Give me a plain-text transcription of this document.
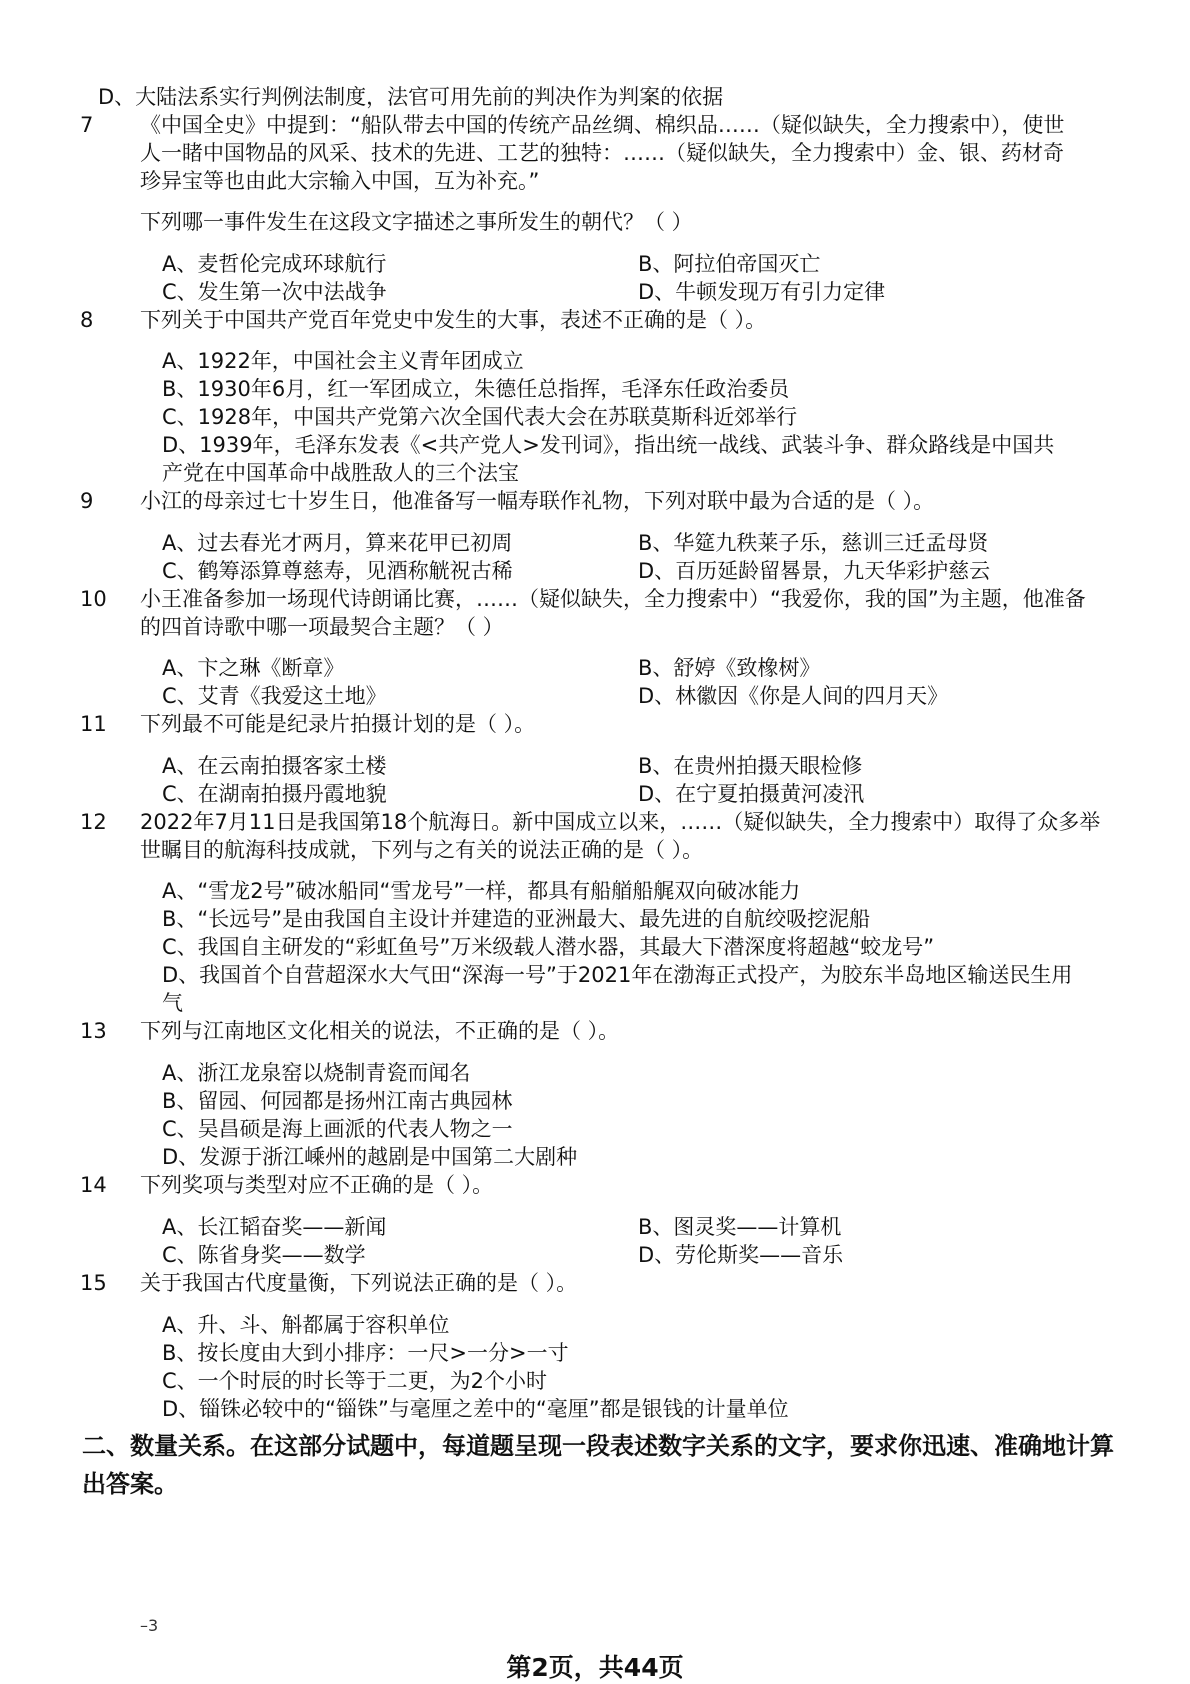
D、大陆法系实行判例法制度，法官可用先前的判决作为判案的依据

7 《中国全史》中提到：“船队带去中国的传统产品丝绸、棉织品……（疑似缺失，全力搜索中），使世

人一睹中国物品的风采、技术的先进、工艺的独特：……（疑似缺失，全力搜索中）金、银、药材奇

珍异宝等也由此大宗输入中国，互为补充。”

下列哪一事件发生在这段文字描述之事所发生的朝代？（ ）

A、麦哲伦完成环球航行	B、阿拉伯帝国灭亡

C、发生第一次中法战争	D、牛顿发现万有引力定律

8 下列关于中国共产党百年党史中发生的大事，表述不正确的是（ ）。

A、1922年，中国社会主义青年团成立

B、1930年6月，红一军团成立，朱德任总指挥，毛泽东任政治委员

C、1928年，中国共产党第六次全国代表大会在苏联莫斯科近郊举行

D、1939年，毛泽东发表《<共产党人>发刊词》，指出统一战线、武装斗争、群众路线是中国共

产党在中国革命中战胜敌人的三个法宝

9 小江的母亲过七十岁生日，他准备写一幅寿联作礼物，下列对联中最为合适的是（ ）。

A、过去春光才两月，算来花甲已初周	B、华筵九秩莱子乐，慈训三迁孟母贤

C、鹤筹添算尊慈寿，见酒称觥祝古稀	D、百历延龄留晷景，九天华彩护慈云

10 小王准备参加一场现代诗朗诵比赛，……（疑似缺失，全力搜索中）“我爱你，我的国”为主题，他准备

的四首诗歌中哪一项最契合主题？（ ）

A、卞之琳《断章》	B、舒婷《致橡树》

C、艾青《我爱这土地》	D、林徽因《你是人间的四月天》

11 下列最不可能是纪录片拍摄计划的是（ ）。

A、在云南拍摄客家土楼	B、在贵州拍摄天眼检修

C、在湖南拍摄丹霞地貌	D、在宁夏拍摄黄河凌汛

12 2022年7月11日是我国第18个航海日。新中国成立以来，……（疑似缺失，全力搜索中）取得了众多举

世瞩目的航海科技成就，下列与之有关的说法正确的是（ ）。

A、“雪龙2号”破冰船同“雪龙号”一样，都具有船艏船艉双向破冰能力

B、“长远号”是由我国自主设计并建造的亚洲最大、最先进的自航绞吸挖泥船

C、我国自主研发的“彩虹鱼号”万米级载人潜水器，其最大下潜深度将超越“蛟龙号”

D、我国首个自营超深水大气田“深海一号”于2021年在渤海正式投产，为胶东半岛地区输送民生用

气

13 下列与江南地区文化相关的说法，不正确的是（ ）。

A、浙江龙泉窑以烧制青瓷而闻名

B、留园、何园都是扬州江南古典园林

C、吴昌硕是海上画派的代表人物之一

D、发源于浙江嵊州的越剧是中国第二大剧种

14 下列奖项与类型对应不正确的是（ ）。

A、长江韬奋奖——新闻	B、图灵奖——计算机

C、陈省身奖——数学	D、劳伦斯奖——音乐

15 关于我国古代度量衡，下列说法正确的是（ ）。

A、升、斗、斛都属于容积单位

B、按长度由大到小排序：一尺>一分>一寸

C、一个时辰的时长等于二更，为2个小时

D、锱铢必较中的“锱铢”与毫厘之差中的“毫厘”都是银钱的计量单位

二、数量关系。在这部分试题中，每道题呈现一段表述数字关系的文字，要求你迅速、准确地计算
出答案。
–3
第2页，共44页
